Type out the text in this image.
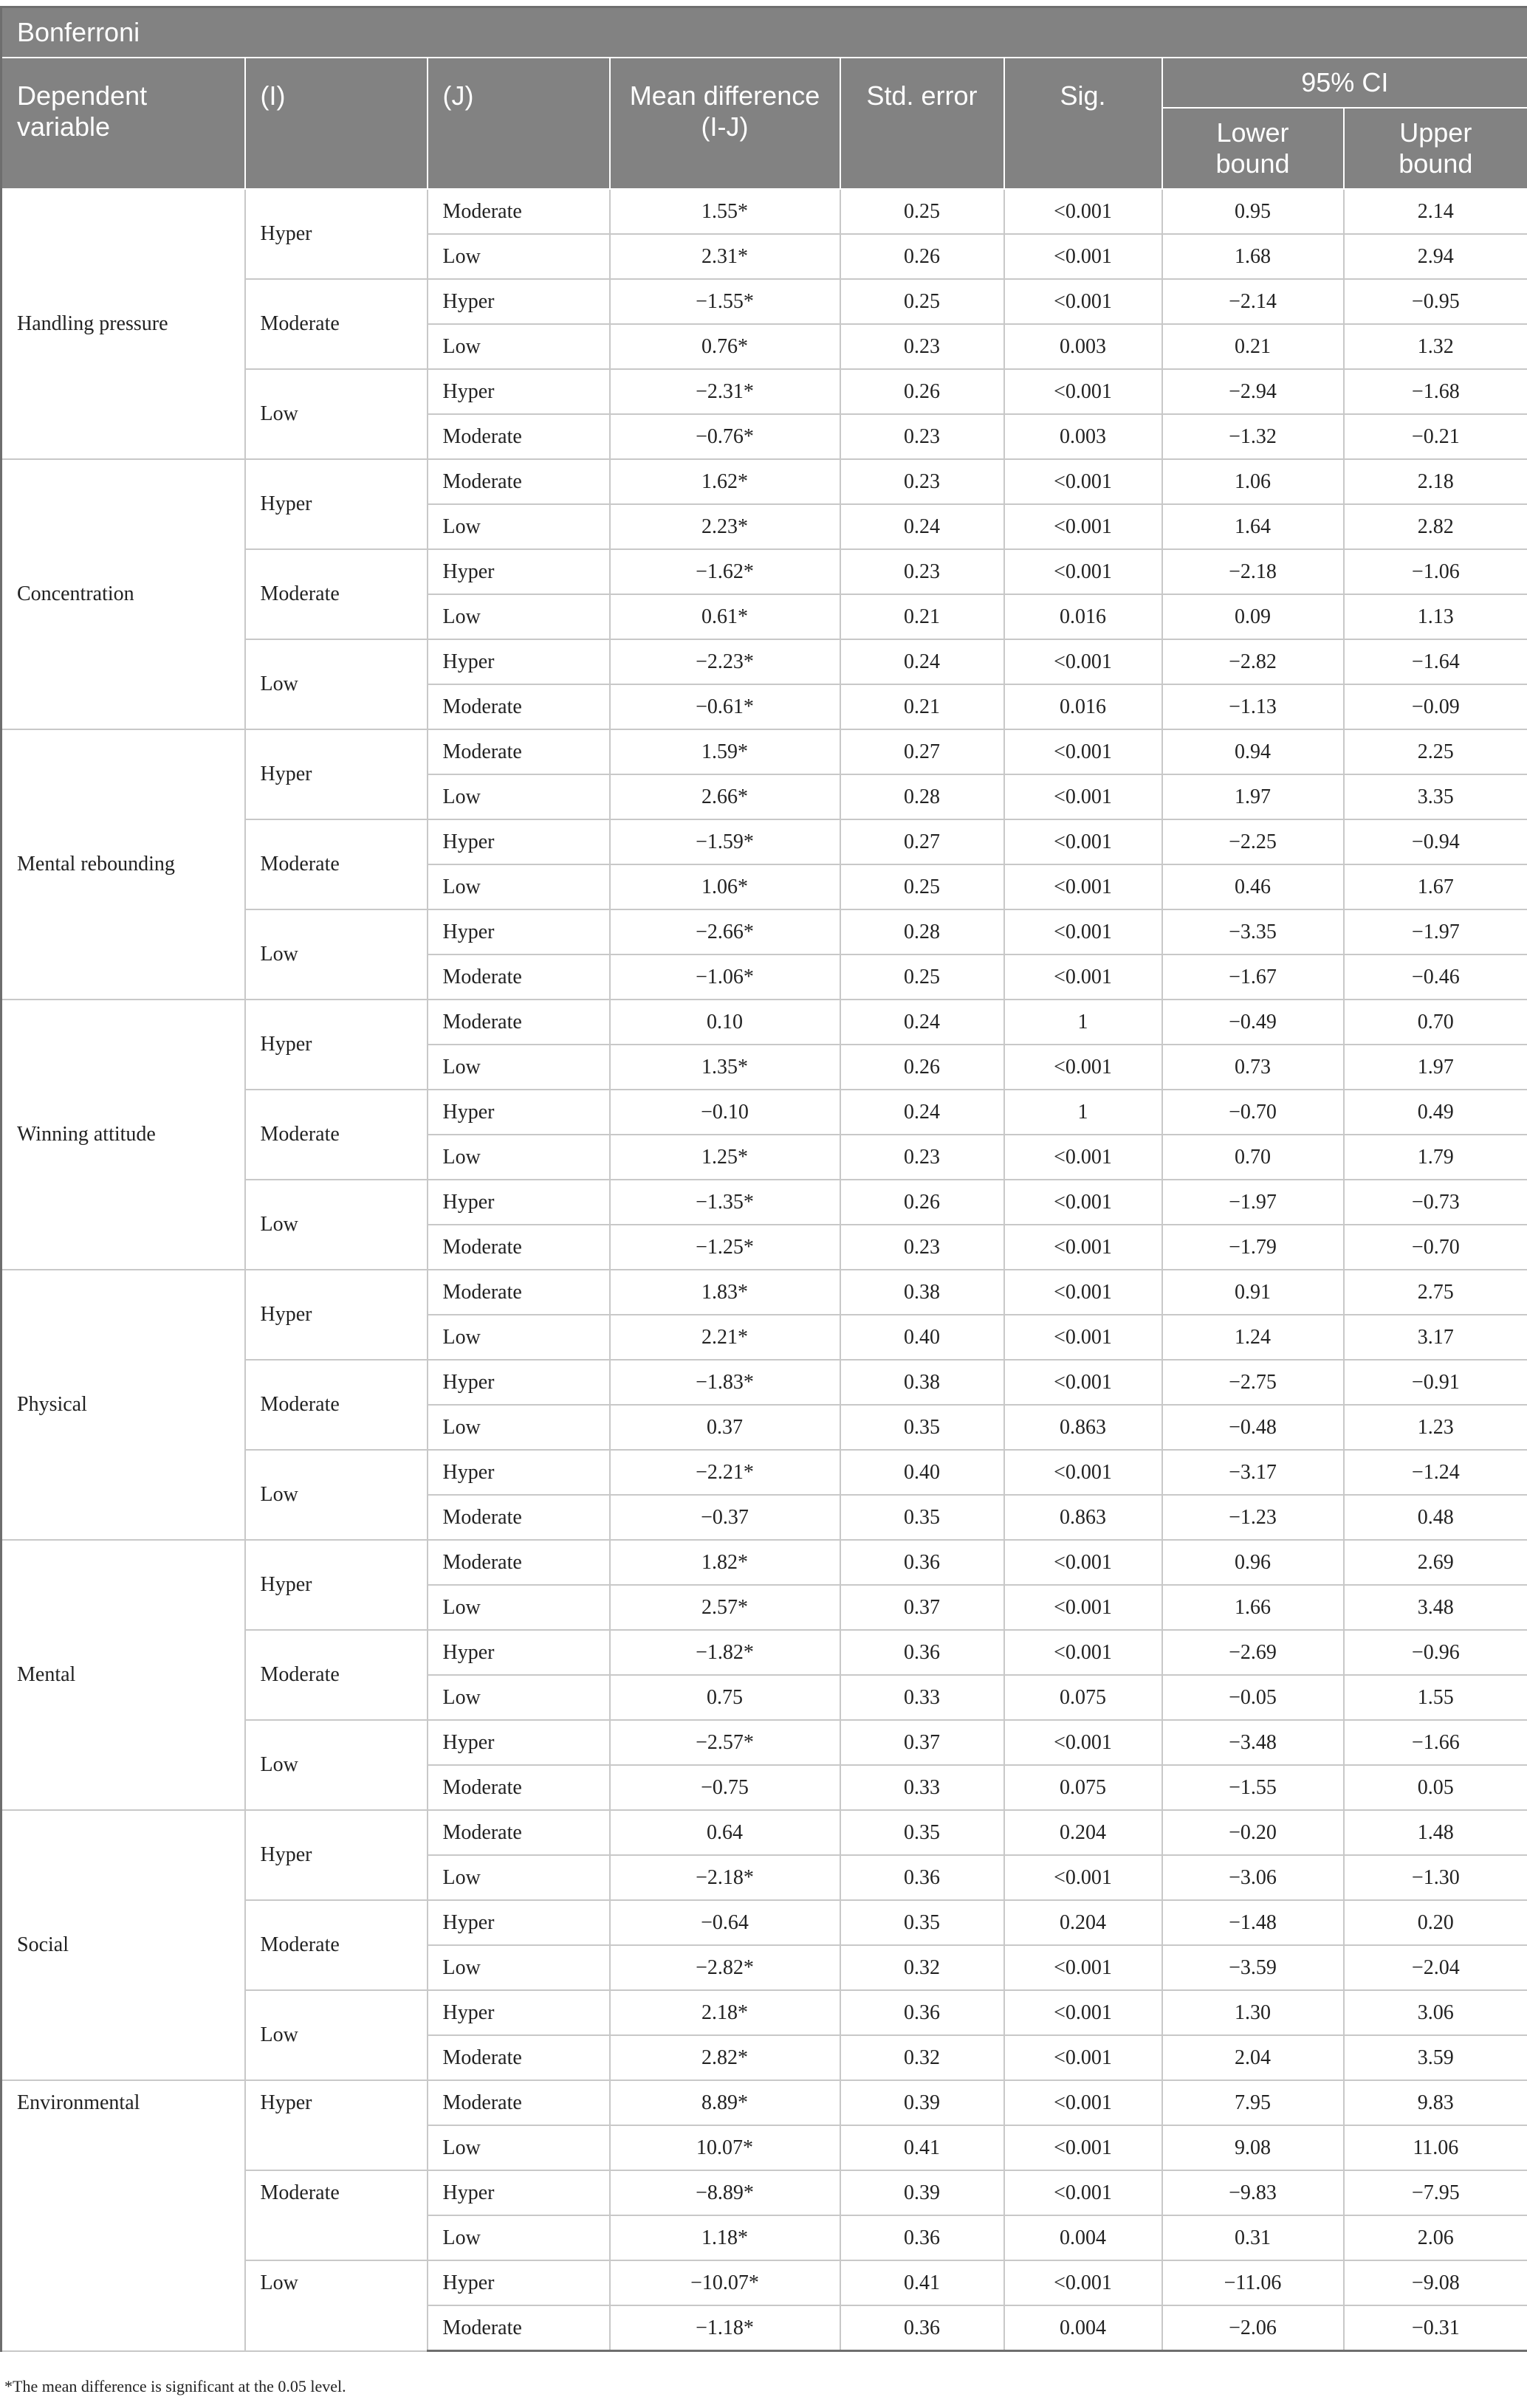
Bonferroni							
Dependent variable	(I)	(J)	Mean difference (I-J)	Std. error	Sig.	95% CI	
						Lower bound	Upper bound
Handling pressure	Hyper	Moderate	1.55*	0.25	<0.001	0.95	2.14
		Low	2.31*	0.26	<0.001	1.68	2.94
	Moderate	Hyper	−1.55*	0.25	<0.001	−2.14	−0.95
		Low	0.76*	0.23	0.003	0.21	1.32
	Low	Hyper	−2.31*	0.26	<0.001	−2.94	−1.68
		Moderate	−0.76*	0.23	0.003	−1.32	−0.21
Concentration	Hyper	Moderate	1.62*	0.23	<0.001	1.06	2.18
		Low	2.23*	0.24	<0.001	1.64	2.82
	Moderate	Hyper	−1.62*	0.23	<0.001	−2.18	−1.06
		Low	0.61*	0.21	0.016	0.09	1.13
	Low	Hyper	−2.23*	0.24	<0.001	−2.82	−1.64
		Moderate	−0.61*	0.21	0.016	−1.13	−0.09
Mental rebounding	Hyper	Moderate	1.59*	0.27	<0.001	0.94	2.25
		Low	2.66*	0.28	<0.001	1.97	3.35
	Moderate	Hyper	−1.59*	0.27	<0.001	−2.25	−0.94
		Low	1.06*	0.25	<0.001	0.46	1.67
	Low	Hyper	−2.66*	0.28	<0.001	−3.35	−1.97
		Moderate	−1.06*	0.25	<0.001	−1.67	−0.46
Winning attitude	Hyper	Moderate	0.10	0.24	1	−0.49	0.70
		Low	1.35*	0.26	<0.001	0.73	1.97
	Moderate	Hyper	−0.10	0.24	1	−0.70	0.49
		Low	1.25*	0.23	<0.001	0.70	1.79
	Low	Hyper	−1.35*	0.26	<0.001	−1.97	−0.73
		Moderate	−1.25*	0.23	<0.001	−1.79	−0.70
Physical	Hyper	Moderate	1.83*	0.38	<0.001	0.91	2.75
		Low	2.21*	0.40	<0.001	1.24	3.17
	Moderate	Hyper	−1.83*	0.38	<0.001	−2.75	−0.91
		Low	0.37	0.35	0.863	−0.48	1.23
	Low	Hyper	−2.21*	0.40	<0.001	−3.17	−1.24
		Moderate	−0.37	0.35	0.863	−1.23	0.48
Mental	Hyper	Moderate	1.82*	0.36	<0.001	0.96	2.69
		Low	2.57*	0.37	<0.001	1.66	3.48
	Moderate	Hyper	−1.82*	0.36	<0.001	−2.69	−0.96
		Low	0.75	0.33	0.075	−0.05	1.55
	Low	Hyper	−2.57*	0.37	<0.001	−3.48	−1.66
		Moderate	−0.75	0.33	0.075	−1.55	0.05
Social	Hyper	Moderate	0.64	0.35	0.204	−0.20	1.48
		Low	−2.18*	0.36	<0.001	−3.06	−1.30
	Moderate	Hyper	−0.64	0.35	0.204	−1.48	0.20
		Low	−2.82*	0.32	<0.001	−3.59	−2.04
	Low	Hyper	2.18*	0.36	<0.001	1.30	3.06
		Moderate	2.82*	0.32	<0.001	2.04	3.59
Environmental	Hyper	Moderate	8.89*	0.39	<0.001	7.95	9.83
		Low	10.07*	0.41	<0.001	9.08	11.06
	Moderate	Hyper	−8.89*	0.39	<0.001	−9.83	−7.95
		Low	1.18*	0.36	0.004	0.31	2.06
	Low	Hyper	−10.07*	0.41	<0.001	−11.06	−9.08
		Moderate	−1.18*	0.36	0.004	−2.06	−0.31
*The mean difference is significant at the 0.05 level.
